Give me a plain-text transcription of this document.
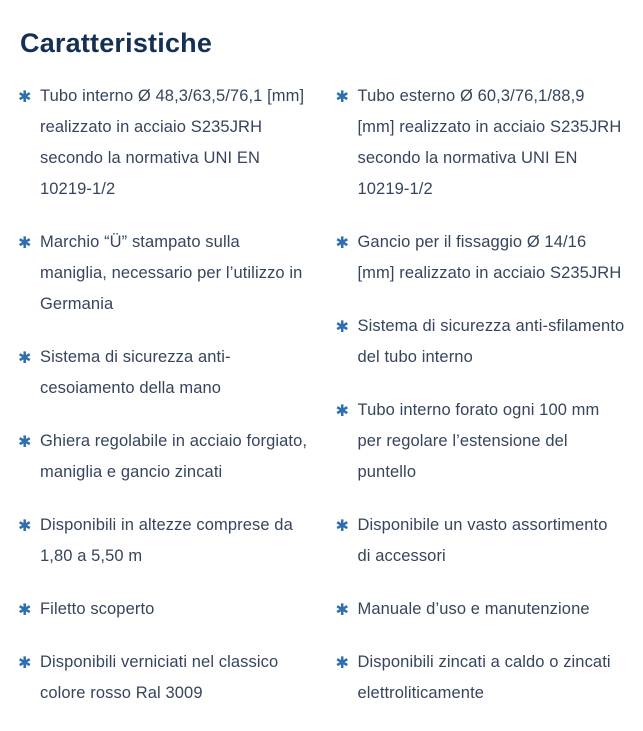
Caratteristiche
✱ Tubo interno Ø 48,3/63,5/76,1 [mm] realizzato in acciaio S235JRH secondo la normativa UNI EN 10219-1/2
✱ Marchio “Ü” stampato sulla maniglia, necessario per l’utilizzo in Germania
✱ Sistema di sicurezza anti-cesoiamento della mano
✱ Ghiera regolabile in acciaio forgiato, maniglia e gancio zincati
✱ Disponibili in altezze comprese da 1,80 a 5,50 m
✱ Filetto scoperto
✱ Disponibili verniciati nel classico colore rosso Ral 3009
✱ Tubo esterno Ø 60,3/76,1/88,9 [mm] realizzato in acciaio S235JRH secondo la normativa UNI EN 10219-1/2
✱ Gancio per il fissaggio Ø 14/16 [mm] realizzato in acciaio S235JRH
✱ Sistema di sicurezza anti-sfilamento del tubo interno
✱ Tubo interno forato ogni 100 mm per regolare l’estensione del puntello
✱ Disponibile un vasto assortimento di accessori
✱ Manuale d’uso e manutenzione
✱ Disponibili zincati a caldo o zincati elettroliticamente
